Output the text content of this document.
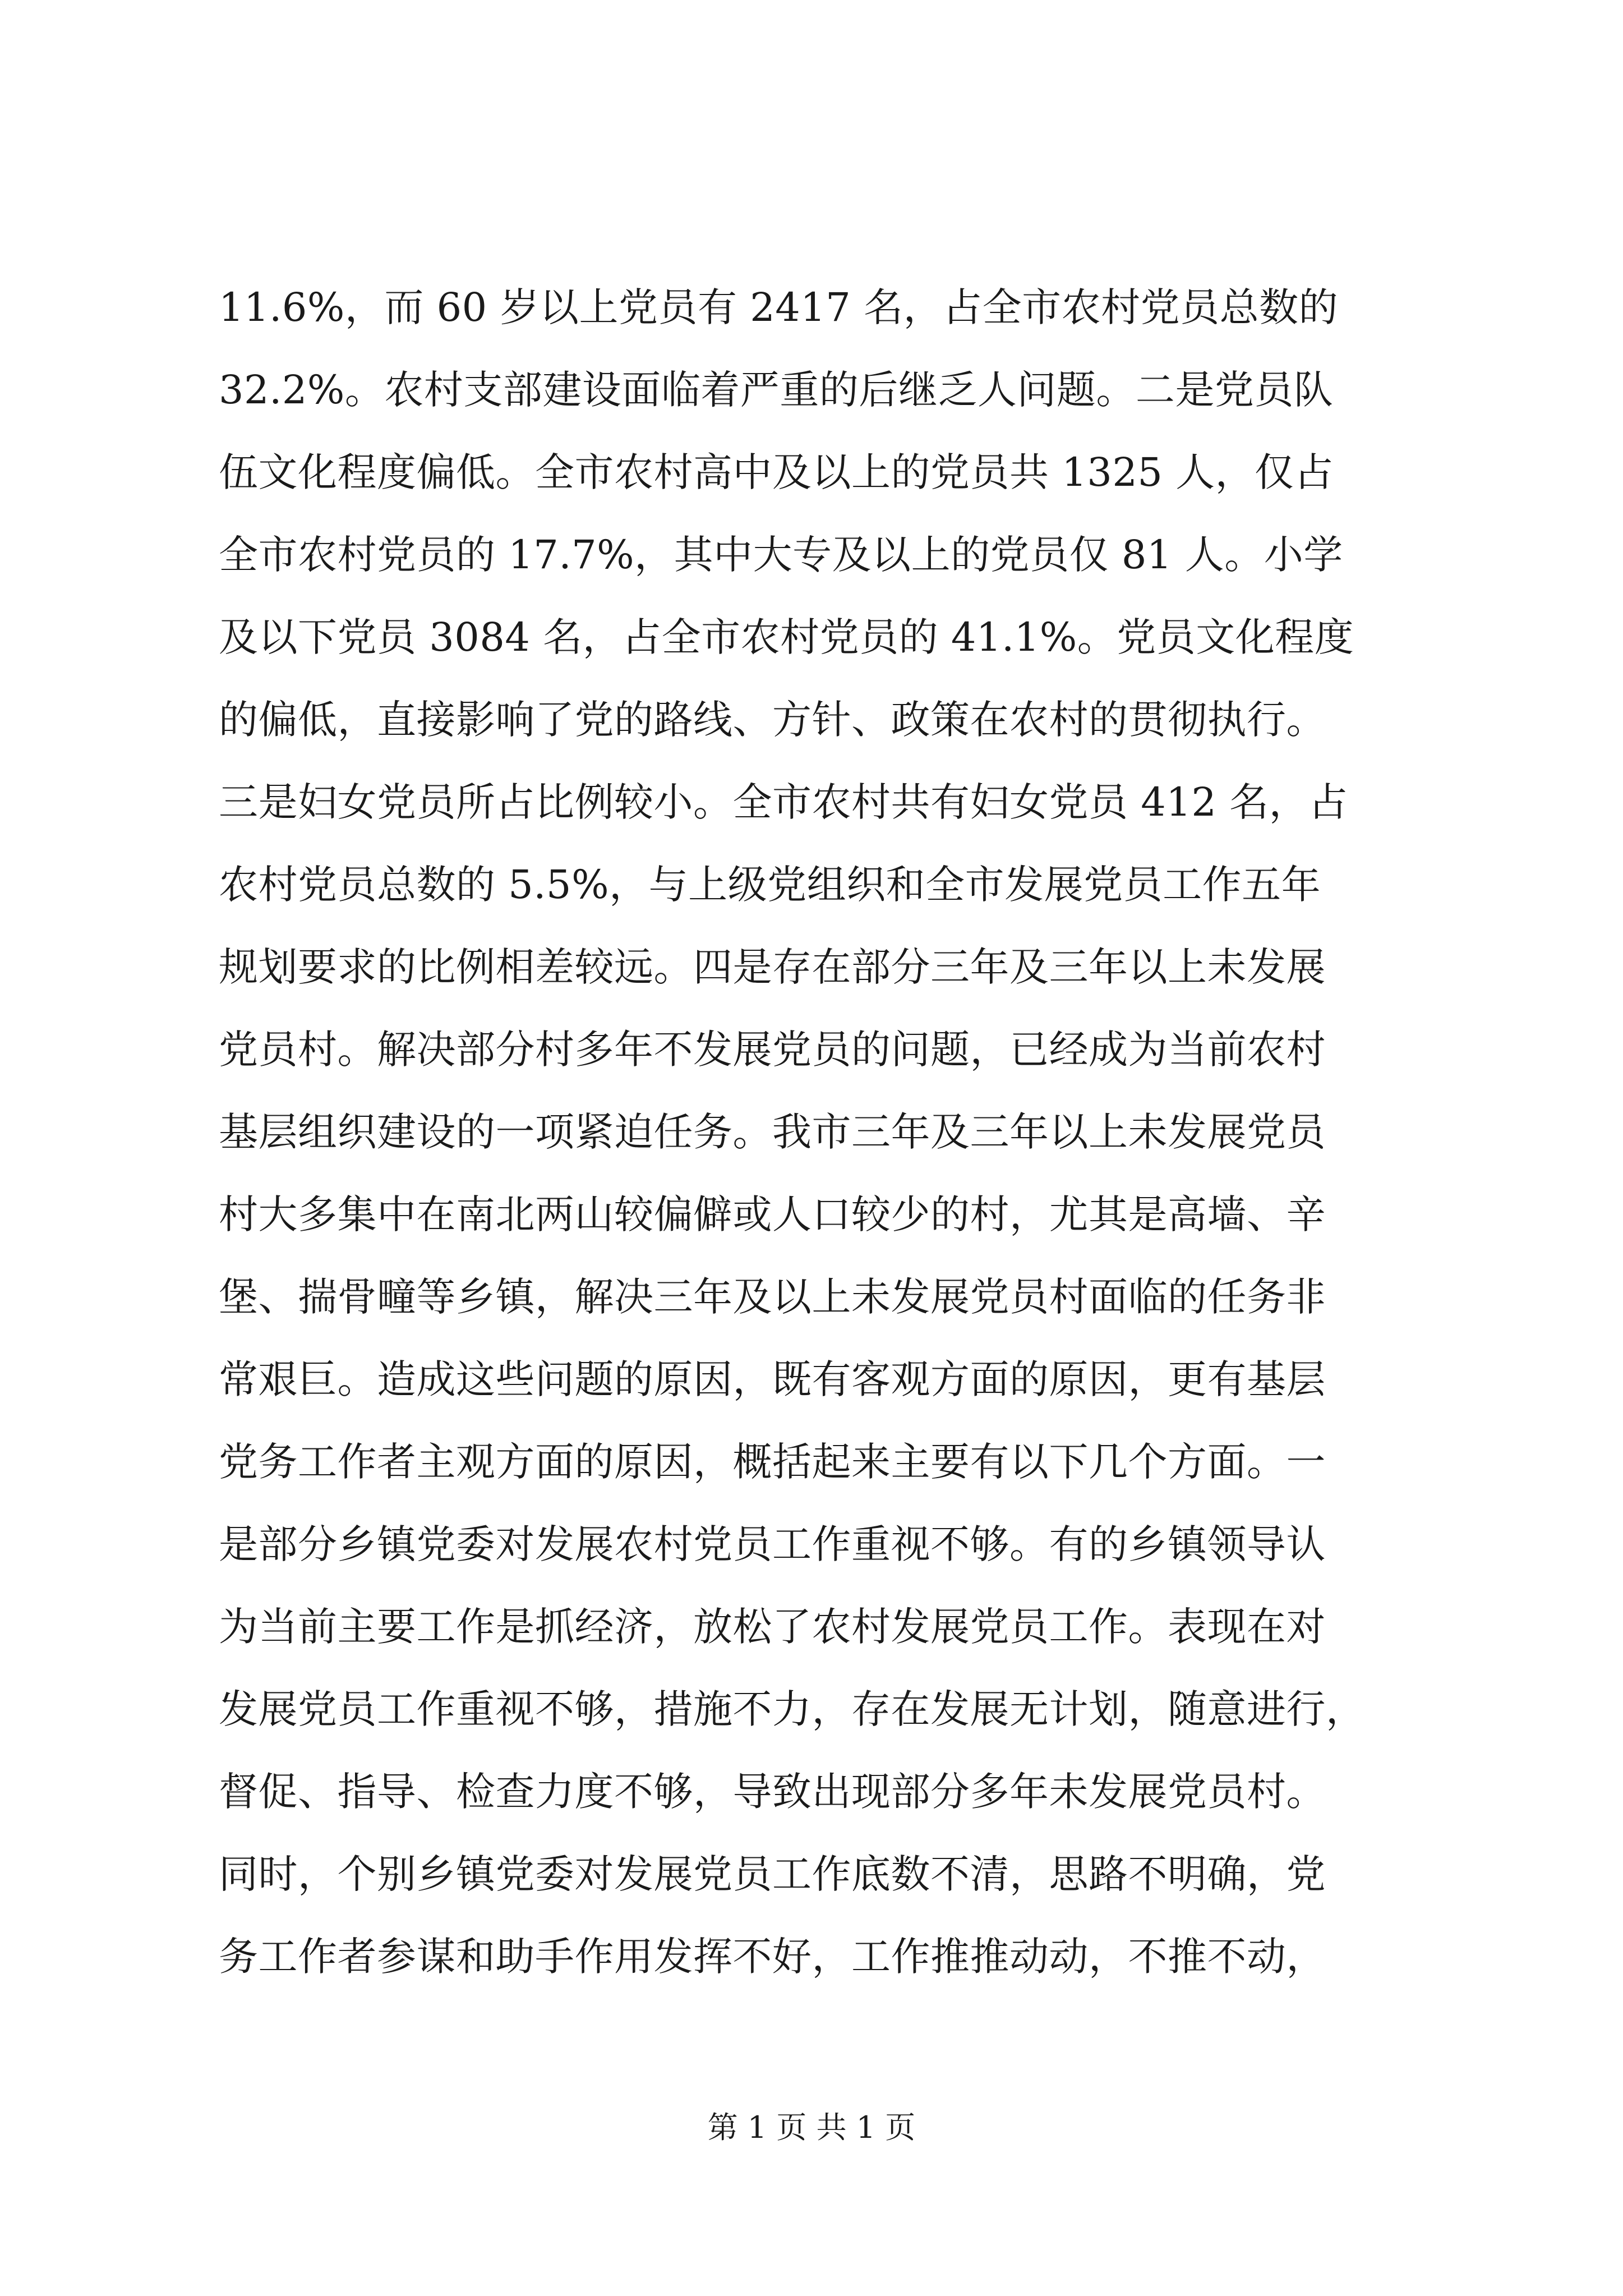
11.6%，而 60 岁以上党员有 2417 名，占全市农村党员总数的
32.2%。农村支部建设面临着严重的后继乏人问题。二是党员队
伍文化程度偏低。全市农村高中及以上的党员共 1325 人，仅占
全市农村党员的 17.7%，其中大专及以上的党员仅 81 人。小学
及以下党员 3084 名，占全市农村党员的 41.1%。党员文化程度
的偏低，直接影响了党的路线、方针、政策在农村的贯彻执行。
三是妇女党员所占比例较小。全市农村共有妇女党员 412 名，占
农村党员总数的 5.5%，与上级党组织和全市发展党员工作五年
规划要求的比例相差较远。四是存在部分三年及三年以上未发展
党员村。解决部分村多年不发展党员的问题，已经成为当前农村
基层组织建设的一项紧迫任务。我市三年及三年以上未发展党员
村大多集中在南北两山较偏僻或人口较少的村，尤其是高墙、辛
堡、揣骨疃等乡镇，解决三年及以上未发展党员村面临的任务非
常艰巨。造成这些问题的原因，既有客观方面的原因，更有基层
党务工作者主观方面的原因，概括起来主要有以下几个方面。一
是部分乡镇党委对发展农村党员工作重视不够。有的乡镇领导认
为当前主要工作是抓经济，放松了农村发展党员工作。表现在对
发展党员工作重视不够，措施不力，存在发展无计划，随意进行，
督促、指导、检查力度不够，导致出现部分多年未发展党员村。
同时，个别乡镇党委对发展党员工作底数不清，思路不明确，党
务工作者参谋和助手作用发挥不好，工作推推动动，不推不动，
第 1 页 共 1 页
